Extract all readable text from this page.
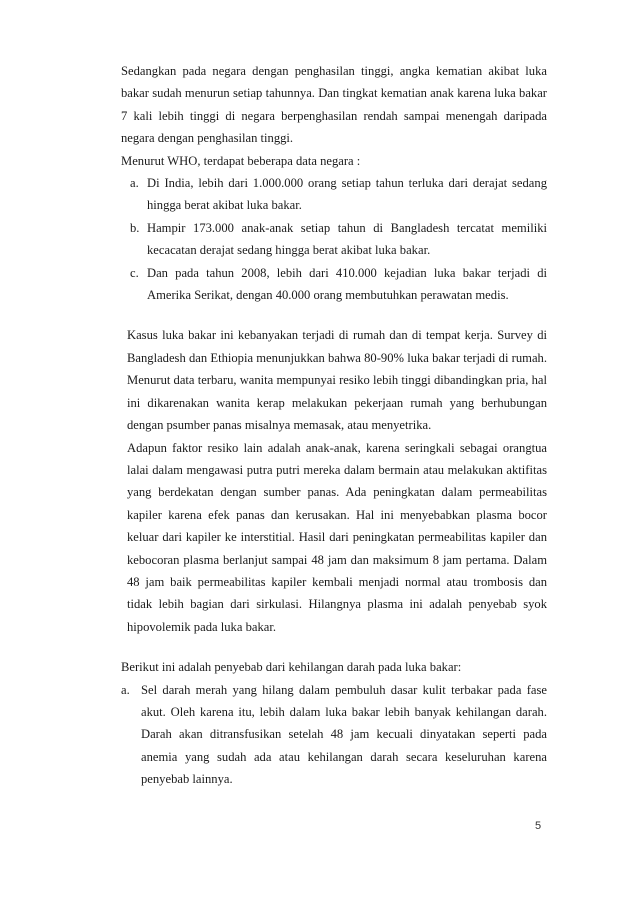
Sedangkan pada negara dengan penghasilan tinggi, angka kematian akibat luka bakar sudah menurun setiap tahunnya. Dan tingkat kematian anak karena luka bakar 7 kali lebih tinggi di negara berpenghasilan rendah sampai menengah daripada negara dengan penghasilan tinggi.

Menurut WHO, terdapat beberapa data negara :

a. Di India, lebih dari 1.000.000 orang setiap tahun terluka dari derajat sedang hingga berat akibat luka bakar.
b. Hampir 173.000 anak-anak setiap tahun di Bangladesh tercatat memiliki kecacatan derajat sedang hingga berat akibat luka bakar.
c. Dan pada tahun 2008, lebih dari 410.000 kejadian luka bakar terjadi di Amerika Serikat, dengan 40.000 orang membutuhkan perawatan medis.

Kasus luka bakar ini kebanyakan terjadi di rumah dan di tempat kerja. Survey di Bangladesh dan Ethiopia menunjukkan bahwa 80-90% luka bakar terjadi di rumah. Menurut data terbaru, wanita mempunyai resiko lebih tinggi dibandingkan pria, hal ini dikarenakan wanita kerap melakukan pekerjaan rumah yang berhubungan dengan psumber panas misalnya memasak, atau menyetrika.

Adapun faktor resiko lain adalah anak-anak, karena seringkali sebagai orangtua lalai dalam mengawasi putra putri mereka dalam bermain atau melakukan aktifitas yang berdekatan dengan sumber panas. Ada peningkatan dalam permeabilitas kapiler karena efek panas dan kerusakan. Hal ini menyebabkan plasma bocor keluar dari kapiler ke interstitial. Hasil dari peningkatan permeabilitas kapiler dan kebocoran plasma berlanjut sampai 48 jam dan maksimum 8 jam pertama. Dalam 48 jam baik permeabilitas kapiler kembali menjadi normal atau trombosis dan tidak lebih bagian dari sirkulasi. Hilangnya plasma ini adalah penyebab syok hipovolemik pada luka bakar.

Berikut ini adalah penyebab dari kehilangan darah pada luka bakar:

a. Sel darah merah yang hilang dalam pembuluh dasar kulit terbakar pada fase akut. Oleh karena itu, lebih dalam luka bakar lebih banyak kehilangan darah. Darah akan ditransfusikan setelah 48 jam kecuali dinyatakan seperti pada anemia yang sudah ada atau kehilangan darah secara keseluruhan karena penyebab lainnya.
5
